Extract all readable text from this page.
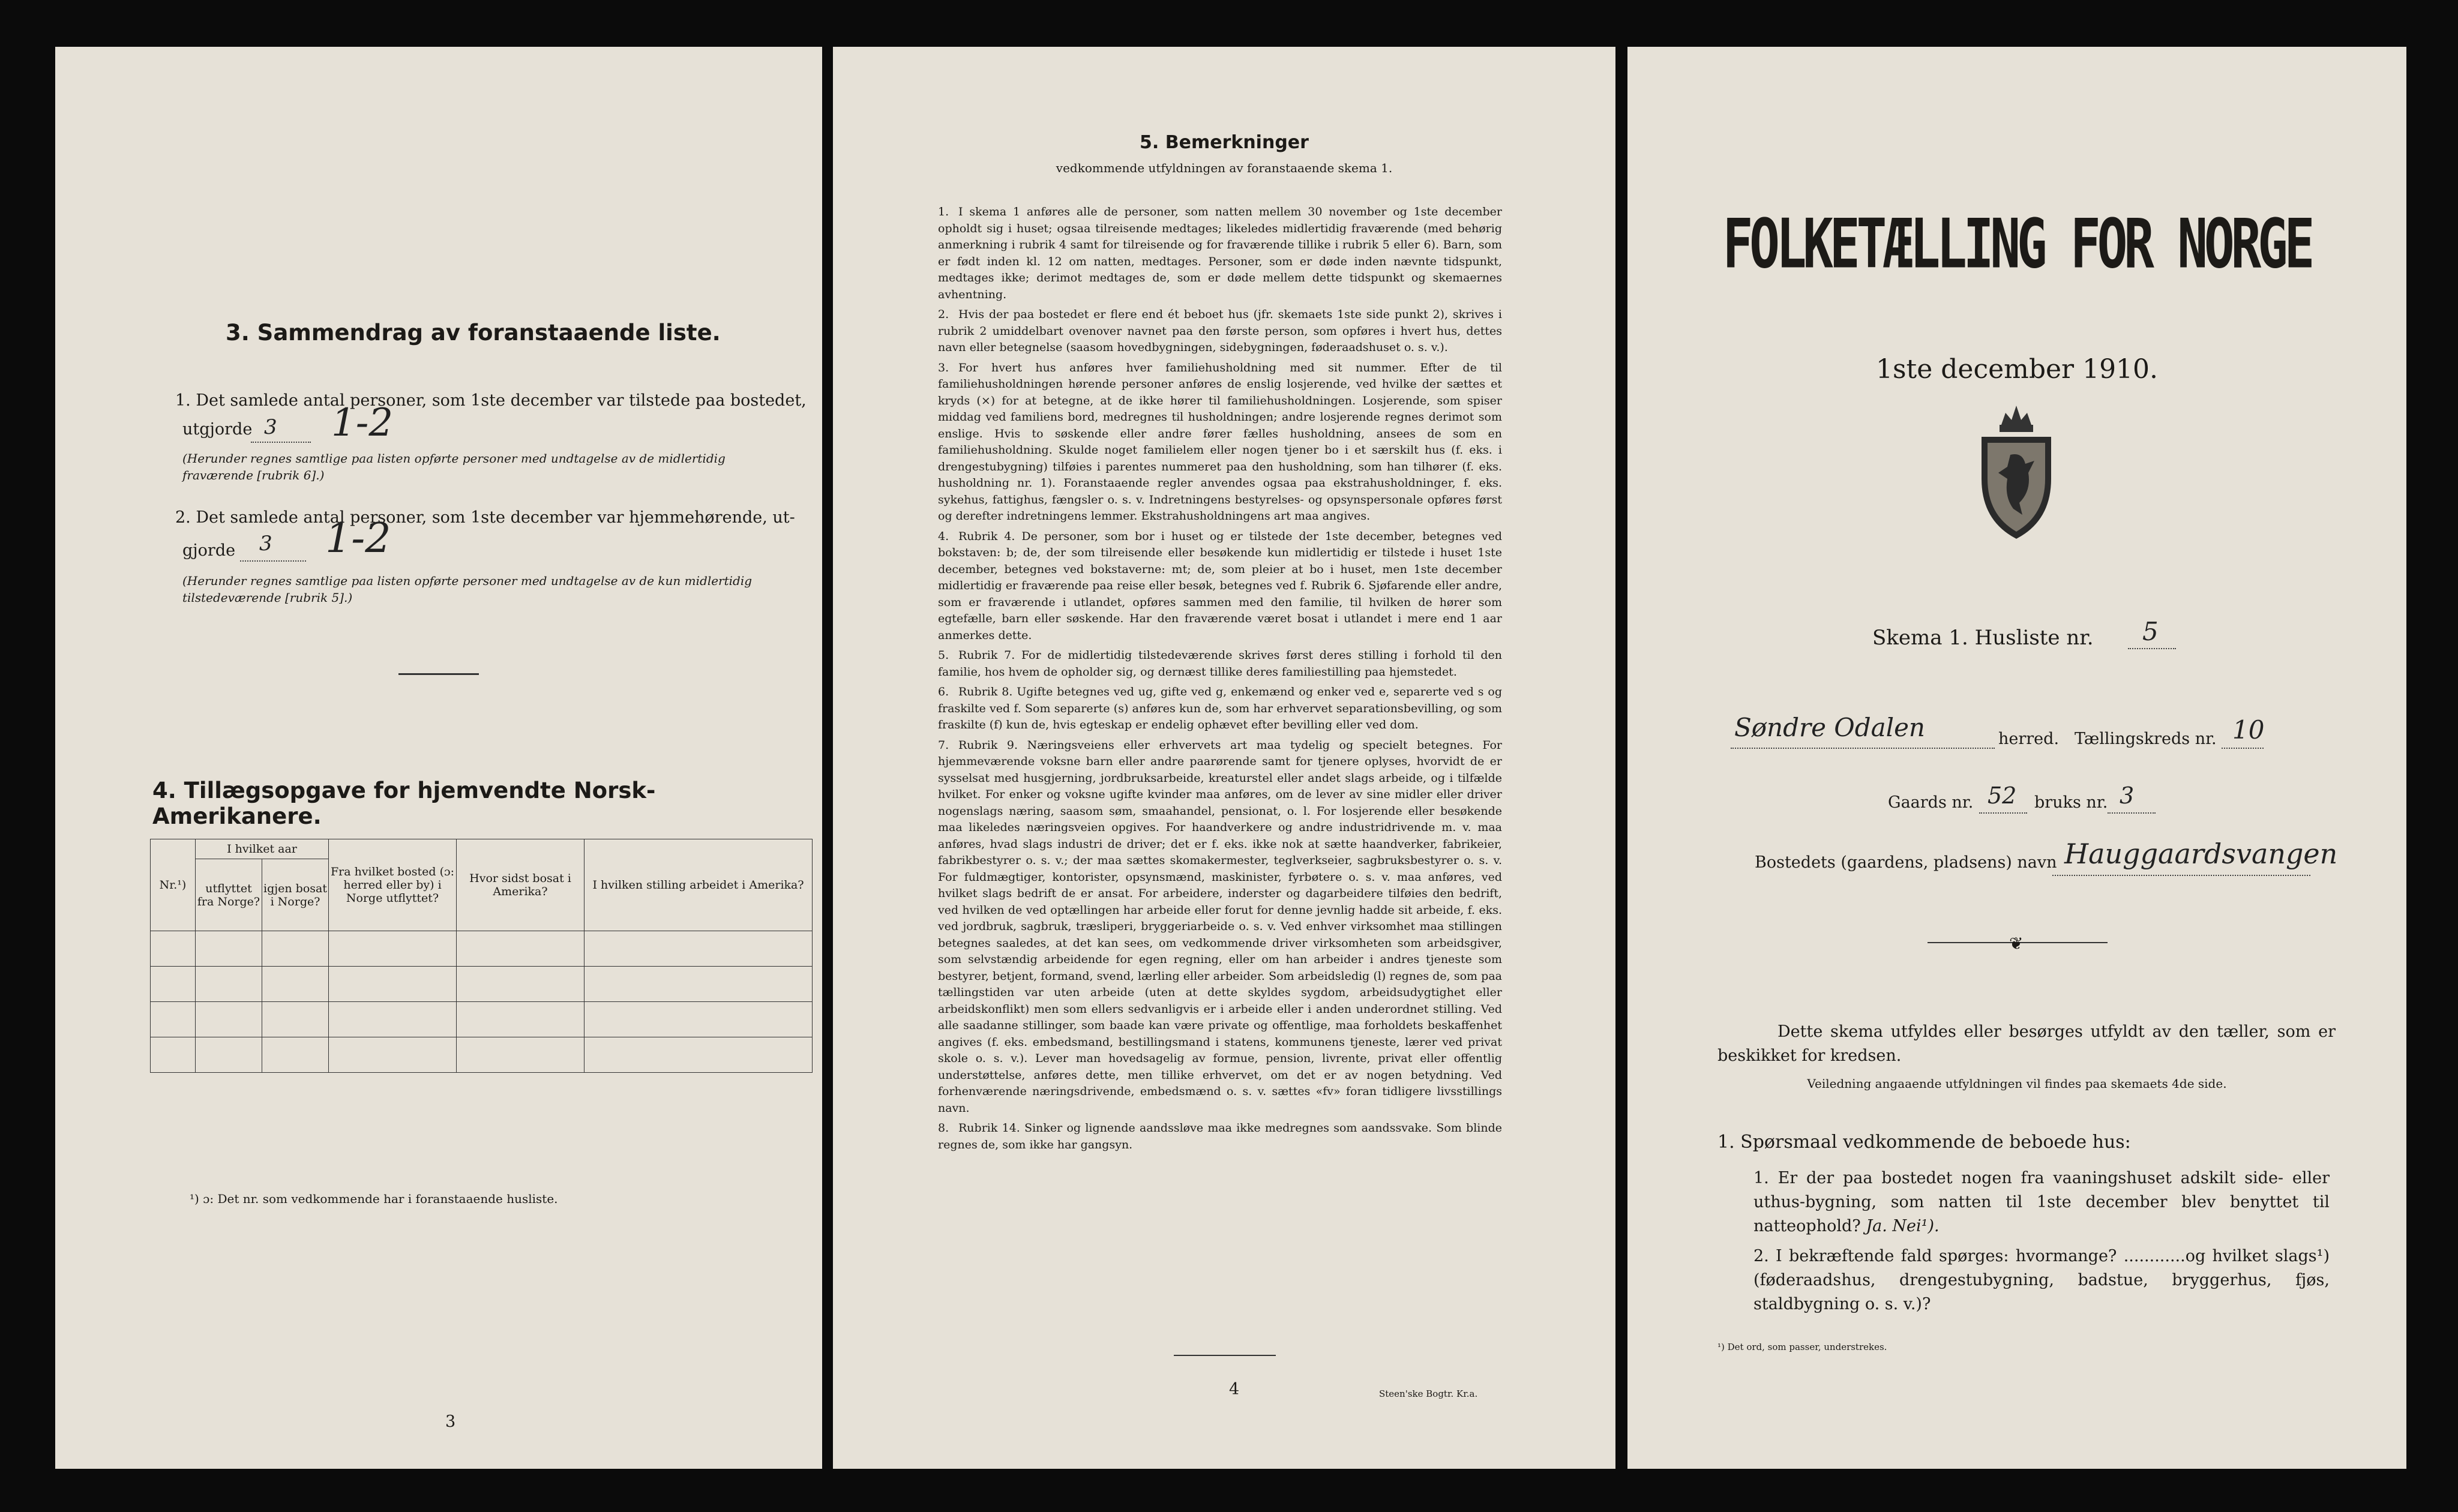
3. Sammendrag av foranstaaende liste.
1. Det samlede antal personer, som 1ste december var tilstede paa bostedet,
utgjorde 3 1-2
(Herunder regnes samtlige paa listen opførte personer med undtagelse av de midlertidig fraværende [rubrik 6].)
2. Det samlede antal personer, som 1ste december var hjemmehørende, ut-
gjorde 3 1-2
(Herunder regnes samtlige paa listen opførte personer med undtagelse av de kun midlertidig tilstedeværende [rubrik 5].)
4. Tillægsopgave for hjemvendte Norsk-Amerikanere.
Nr.¹)	I hvilket aar		Fra hvilket bosted (ɔ: herred eller by) i Norge utflyttet?	Hvor sidst bosat i Amerika?	I hvilken stilling arbeidet i Amerika?
	utflyttet fra Norge?	igjen bosat i Norge?			

¹) ɔ: Det nr. som vedkommende har i foranstaaende husliste.
3
5. Bemerkninger
vedkommende utfyldningen av foranstaaende skema 1.

1. I skema 1 anføres alle de personer, som natten mellem 30 november og 1ste december opholdt sig i huset; ogsaa tilreisende medtages; likeledes midlertidig fraværende (med behørig anmerkning i rubrik 4 samt for tilreisende og for fraværende tillike i rubrik 5 eller 6). Barn, som er født inden kl. 12 om natten, medtages. Personer, som er døde inden nævnte tidspunkt, medtages ikke; derimot medtages de, som er døde mellem dette tidspunkt og skemaernes avhentning.

2. Hvis der paa bostedet er flere end ét beboet hus (jfr. skemaets 1ste side punkt 2), skrives i rubrik 2 umiddelbart ovenover navnet paa den første person, som opføres i hvert hus, dettes navn eller betegnelse (saasom hovedbygningen, sidebygningen, føderaadshuset o. s. v.).

3. For hvert hus anføres hver familiehusholdning med sit nummer. Efter de til familiehusholdningen hørende personer anføres de enslig losjerende, ved hvilke der sættes et kryds (×) for at betegne, at de ikke hører til familiehusholdningen. Losjerende, som spiser middag ved familiens bord, medregnes til husholdningen; andre losjerende regnes derimot som enslige. Hvis to søskende eller andre fører fælles husholdning, ansees de som en familiehusholdning. Skulde noget familielem eller nogen tjener bo i et særskilt hus (f. eks. i drengestubygning) tilføies i parentes nummeret paa den husholdning, som han tilhører (f. eks. husholdning nr. 1). Foranstaaende regler anvendes ogsaa paa ekstrahusholdninger, f. eks. sykehus, fattighus, fængsler o. s. v. Indretningens bestyrelses- og opsynspersonale opføres først og derefter indretningens lemmer. Ekstrahusholdningens art maa angives.

4. Rubrik 4. De personer, som bor i huset og er tilstede der 1ste december, betegnes ved bokstaven: b; de, der som tilreisende eller besøkende kun midlertidig er tilstede i huset 1ste december, betegnes ved bokstaverne: mt; de, som pleier at bo i huset, men 1ste december midlertidig er fraværende paa reise eller besøk, betegnes ved f. Rubrik 6. Sjøfarende eller andre, som er fraværende i utlandet, opføres sammen med den familie, til hvilken de hører som egtefælle, barn eller søskende. Har den fraværende været bosat i utlandet i mere end 1 aar anmerkes dette.

5. Rubrik 7. For de midlertidig tilstedeværende skrives først deres stilling i forhold til den familie, hos hvem de opholder sig, og dernæst tillike deres familiestilling paa hjemstedet.

6. Rubrik 8. Ugifte betegnes ved ug, gifte ved g, enkemænd og enker ved e, separerte ved s og fraskilte ved f. Som separerte (s) anføres kun de, som har erhvervet separationsbevilling, og som fraskilte (f) kun de, hvis egteskap er endelig ophævet efter bevilling eller ved dom.

7. Rubrik 9. Næringsveiens eller erhvervets art maa tydelig og specielt betegnes. For hjemmeværende voksne barn eller andre paarørende samt for tjenere oplyses, hvorvidt de er sysselsat med husgjerning, jordbruksarbeide, kreaturstel eller andet slags arbeide, og i tilfælde hvilket. For enker og voksne ugifte kvinder maa anføres, om de lever av sine midler eller driver nogenslags næring, saasom søm, smaahandel, pensionat, o. l. For losjerende eller besøkende maa likeledes næringsveien opgives. For haandverkere og andre industridrivende m. v. maa anføres, hvad slags industri de driver; det er f. eks. ikke nok at sætte haandverker, fabrikeier, fabrikbestyrer o. s. v.; der maa sættes skomakermester, teglverkseier, sagbruksbestyrer o. s. v. For fuldmægtiger, kontorister, opsynsmænd, maskinister, fyrbøtere o. s. v. maa anføres, ved hvilket slags bedrift de er ansat. For arbeidere, inderster og dagarbeidere tilføies den bedrift, ved hvilken de ved optællingen har arbeide eller forut for denne jevnlig hadde sit arbeide, f. eks. ved jordbruk, sagbruk, træsliperi, bryggeriarbeide o. s. v. Ved enhver virksomhet maa stillingen betegnes saaledes, at det kan sees, om vedkommende driver virksomheten som arbeidsgiver, som selvstændig arbeidende for egen regning, eller om han arbeider i andres tjeneste som bestyrer, betjent, formand, svend, lærling eller arbeider. Som arbeidsledig (l) regnes de, som paa tællingstiden var uten arbeide (uten at dette skyldes sygdom, arbeidsudygtighet eller arbeidskonflikt) men som ellers sedvanligvis er i arbeide eller i anden underordnet stilling. Ved alle saadanne stillinger, som baade kan være private og offentlige, maa forholdets beskaffenhet angives (f. eks. embedsmand, bestillingsmand i statens, kommunens tjeneste, lærer ved privat skole o. s. v.). Lever man hovedsagelig av formue, pension, livrente, privat eller offentlig understøttelse, anføres dette, men tillike erhvervet, om det er av nogen betydning. Ved forhenværende næringsdrivende, embedsmænd o. s. v. sættes «fv» foran tidligere livsstillings navn.

8. Rubrik 14. Sinker og lignende aandssløve maa ikke medregnes som aandssvake. Som blinde regnes de, som ikke har gangsyn.

4	Steen'ske Bogtr. Kr.a.
FOLKETÆLLING FOR NORGE
1ste december 1910.
Skema 1. Husliste nr. 5
Søndre Odalen	herred. Tællingskreds nr. 10
Gaards nr. 52 bruks nr. 3
Bostedets (gaardens, pladsens) navn Hauggaardsvangen
❦
Dette skema utfyldes eller besørges utfyldt av den tæller, som er beskikket for kredsen.
Veiledning angaaende utfyldningen vil findes paa skemaets 4de side.
1. Spørsmaal vedkommende de beboede hus:
1. Er der paa bostedet nogen fra vaaningshuset adskilt side- eller uthus-bygning, som natten til 1ste december blev benyttet til natteophold? Ja. Nei¹).
2. I bekræftende fald spørges: hvormange? ............og hvilket slags¹) (føderaadshus, drengestubygning, badstue, bryggerhus, fjøs, staldbygning o. s. v.)?
¹) Det ord, som passer, understrekes.
